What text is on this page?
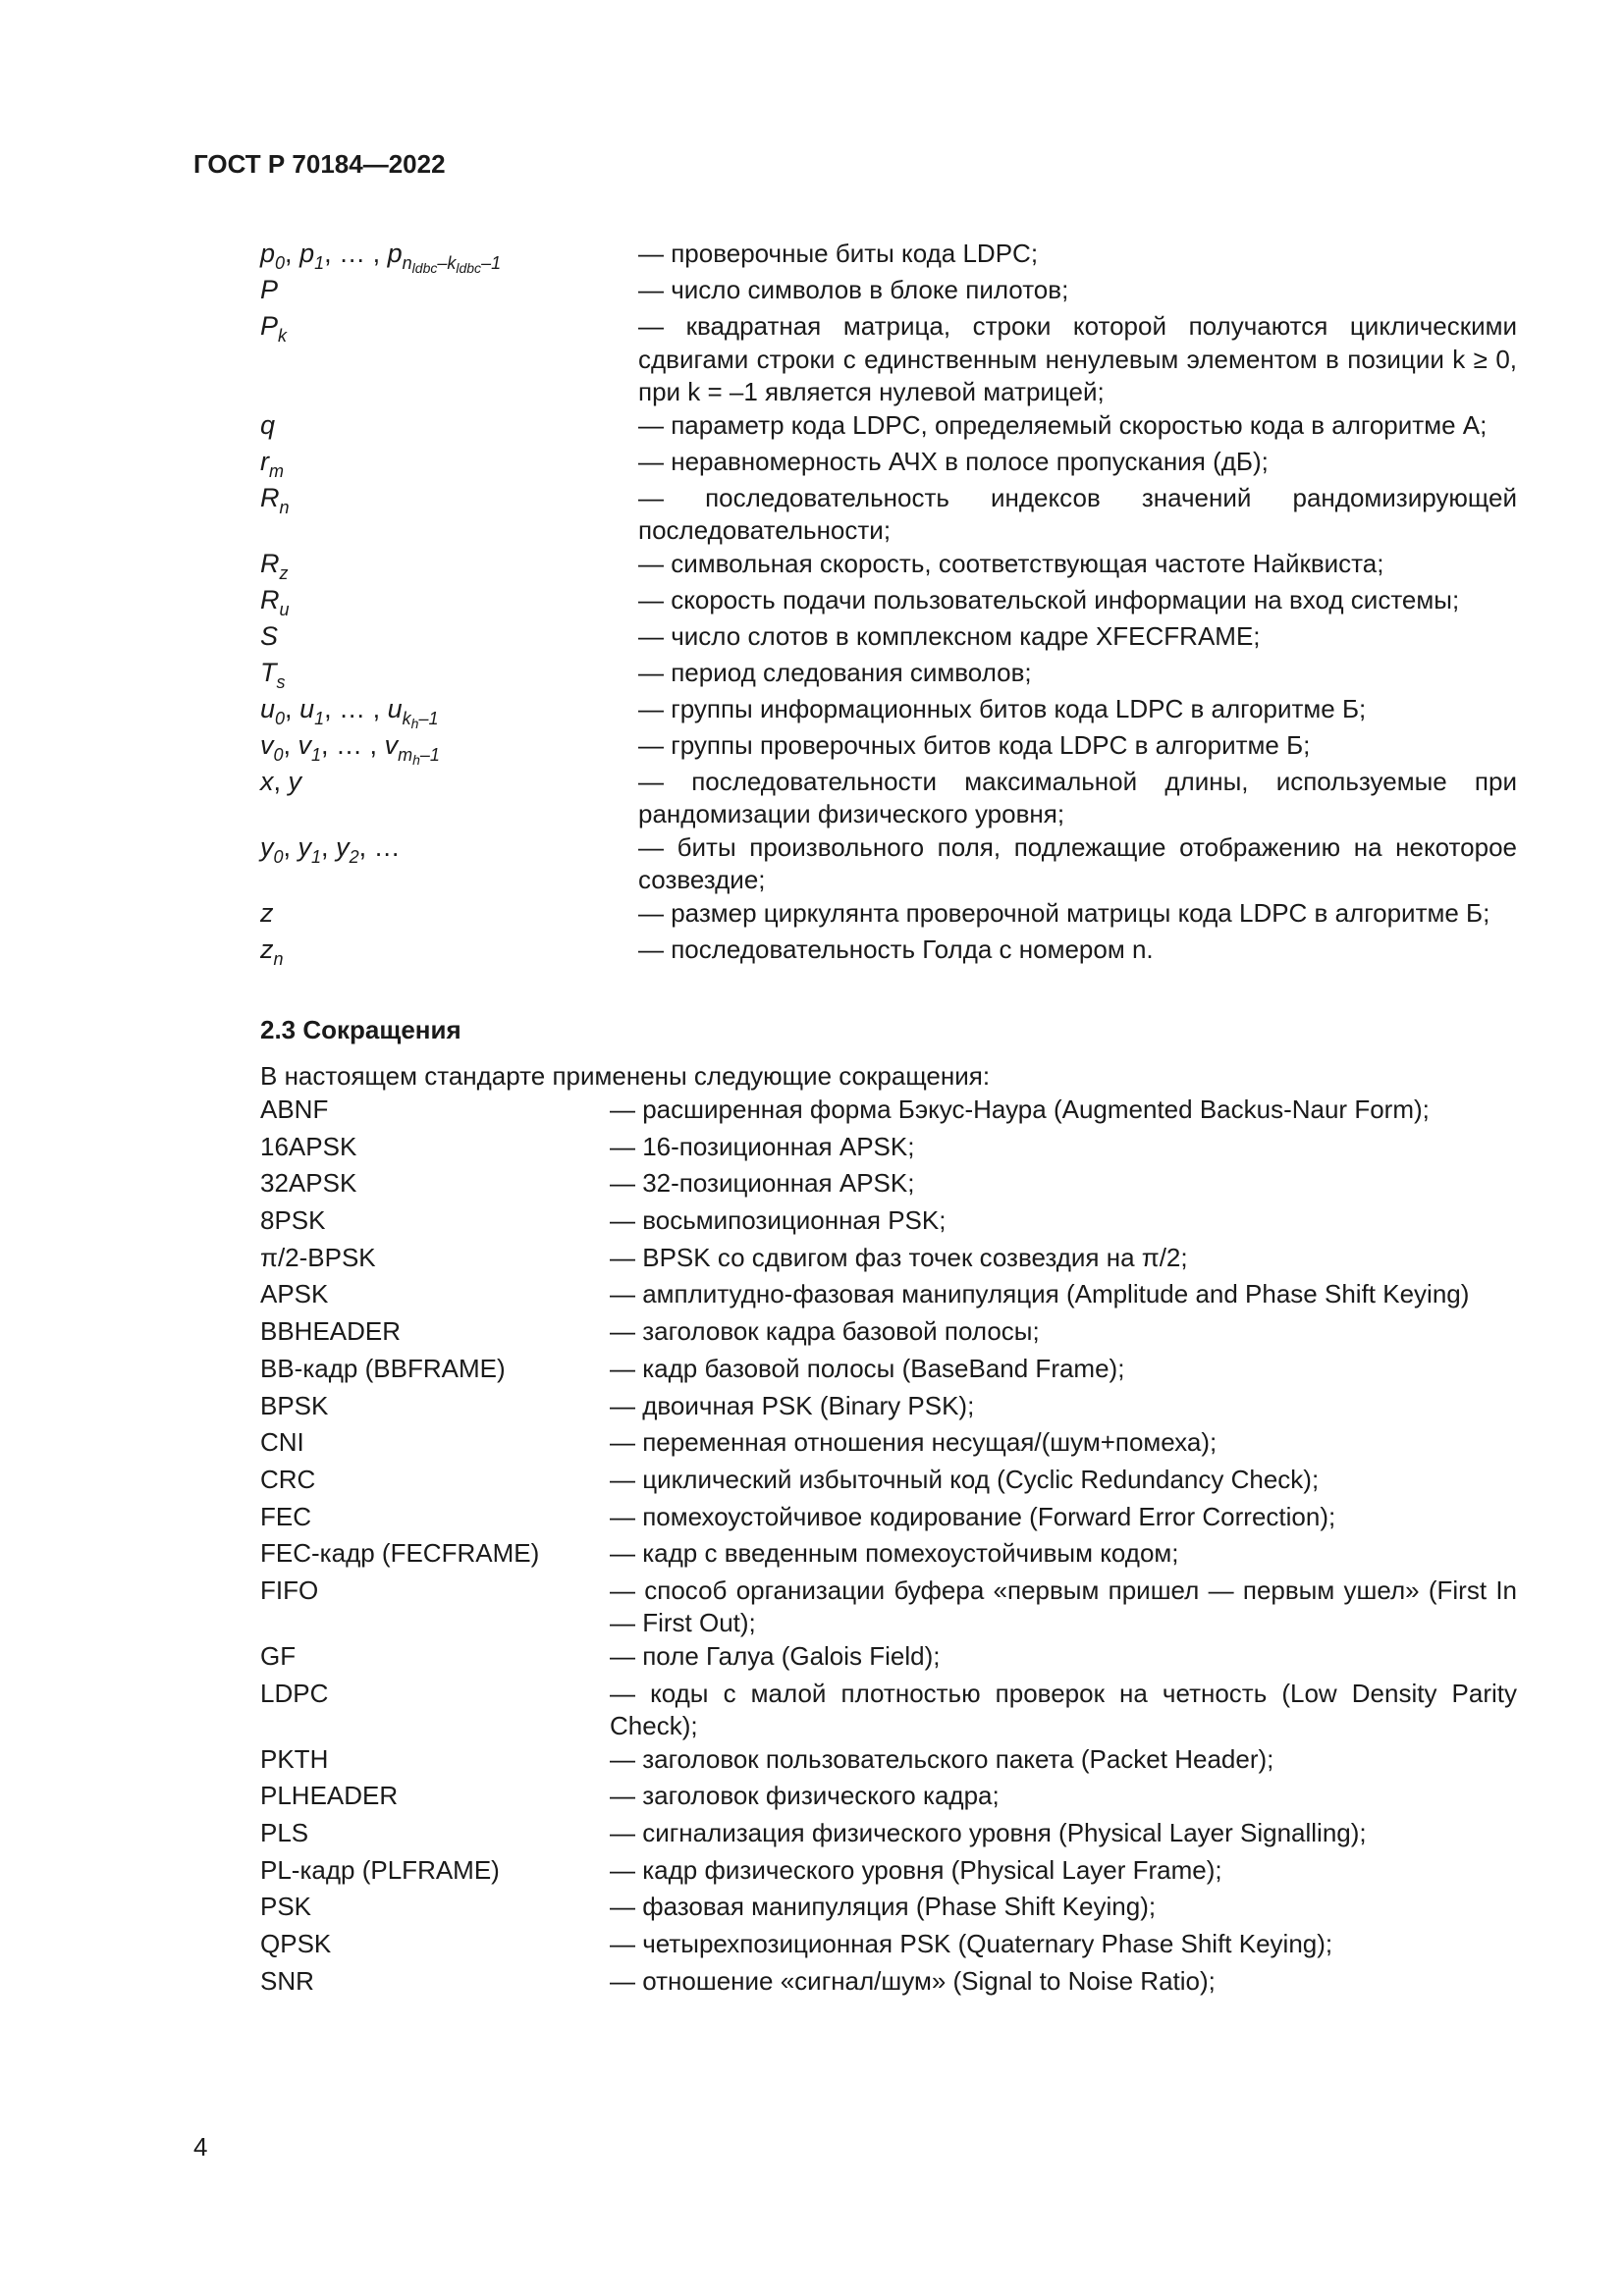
ГОСТ Р 70184—2022
$p_0$, $p_1$, … , $p_{n_{ldbc}-k_{ldbc}-1}$	— проверочные биты кода LDPC;
P	— число символов в блоке пилотов;
$P_k$	— квадратная матрица, строки которой получаются циклическими сдвигами строки с единственным ненулевым элементом в позиции k ≥ 0, при k = –1 является нулевой матрицей;
q	— параметр кода LDPC, определяемый скоростью кода в алгоритме А;
$r_m$	— неравномерность АЧХ в полосе пропускания (дБ);
$R_n$	— последовательность индексов значений рандомизирующей последовательности;
$R_z$	— символьная скорость, соответствующая частоте Найквиста;
$R_u$	— скорость подачи пользовательской информации на вход системы;
S	— число слотов в комплексном кадре XFECFRAME;
$T_s$	— период следования символов;
$u_0$, $u_1$, … , $u_{k_h-1}$	— группы информационных битов кода LDPC в алгоритме Б;
$v_0$, $v_1$, … , $v_{m_h-1}$	— группы проверочных битов кода LDPC в алгоритме Б;
x, y	— последовательности максимальной длины, используемые при рандомизации физического уровня;
$y_0$, $y_1$, $y_2$, …	— биты произвольного поля, подлежащие отображению на некоторое созвездие;
z	— размер циркулянта проверочной матрицы кода LDPC в алгоритме Б;
$z_n$	— последовательность Голда с номером n.
2.3 Сокращения
В настоящем стандарте применены следующие сокращения:
ABNF	— расширенная форма Бэкус-Наура (Augmented Backus-Naur Form);
16APSK	— 16-позиционная APSK;
32APSK	— 32-позиционная APSK;
8PSK	— восьмипозиционная PSK;
π/2-BPSK	— BPSK со сдвигом фаз точек созвездия на π/2;
APSK	— амплитудно-фазовая манипуляция (Amplitude and Phase Shift Keying)
BBHEADER	— заголовок кадра базовой полосы;
BB-кадр (BBFRAME)	— кадр базовой полосы (BaseBand Frame);
BPSK	— двоичная PSK (Binary PSK);
CNI	— переменная отношения несущая/(шум+помеха);
CRC	— циклический избыточный код (Cyclic Redundancy Check);
FEC	— помехоустойчивое кодирование (Forward Error Correction);
FEC-кадр (FECFRAME)	— кадр с введенным помехоустойчивым кодом;
FIFO	— способ организации буфера «первым пришел — первым ушел» (First In — First Out);
GF	— поле Галуа (Galois Field);
LDPC	— коды с малой плотностью проверок на четность (Low Density Parity Check);
PKTH	— заголовок пользовательского пакета (Packet Header);
PLHEADER	— заголовок физического кадра;
PLS	— сигнализация физического уровня (Physical Layer Signalling);
PL-кадр (PLFRAME)	— кадр физического уровня (Physical Layer Frame);
PSK	— фазовая манипуляция (Phase Shift Keying);
QPSK	— четырехпозиционная PSK (Quaternary Phase Shift Keying);
SNR	— отношение «сигнал/шум» (Signal to Noise Ratio);
4
